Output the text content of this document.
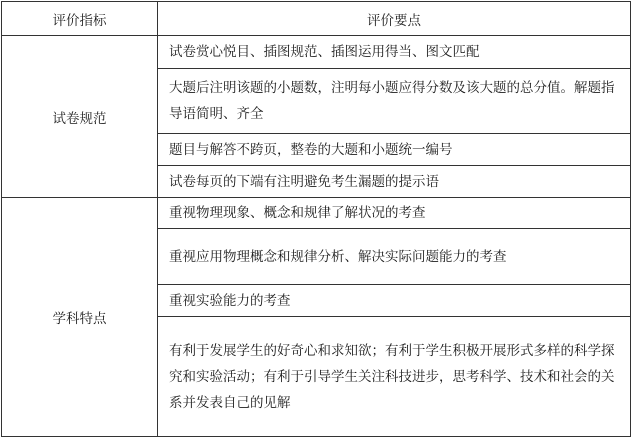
评价指标	评价要点
试卷规范	试卷赏心悦目、插图规范、插图运用得当、图文匹配
	大题后注明该题的小题数，注明每小题应得分数及该大题的总分值。解题指导语简明、齐全
	题目与解答不跨页，整卷的大题和小题统一编号
	试卷每页的下端有注明避免考生漏题的提示语
学科特点	重视物理现象、概念和规律了解状况的考查
	重视应用物理概念和规律分析、解决实际问题能力的考查
	重视实验能力的考查
	有利于发展学生的好奇心和求知欲；有利于学生积极开展形式多样的科学探究和实验活动；有利于引导学生关注科技进步，思考科学、技术和社会的关系并发表自己的见解
